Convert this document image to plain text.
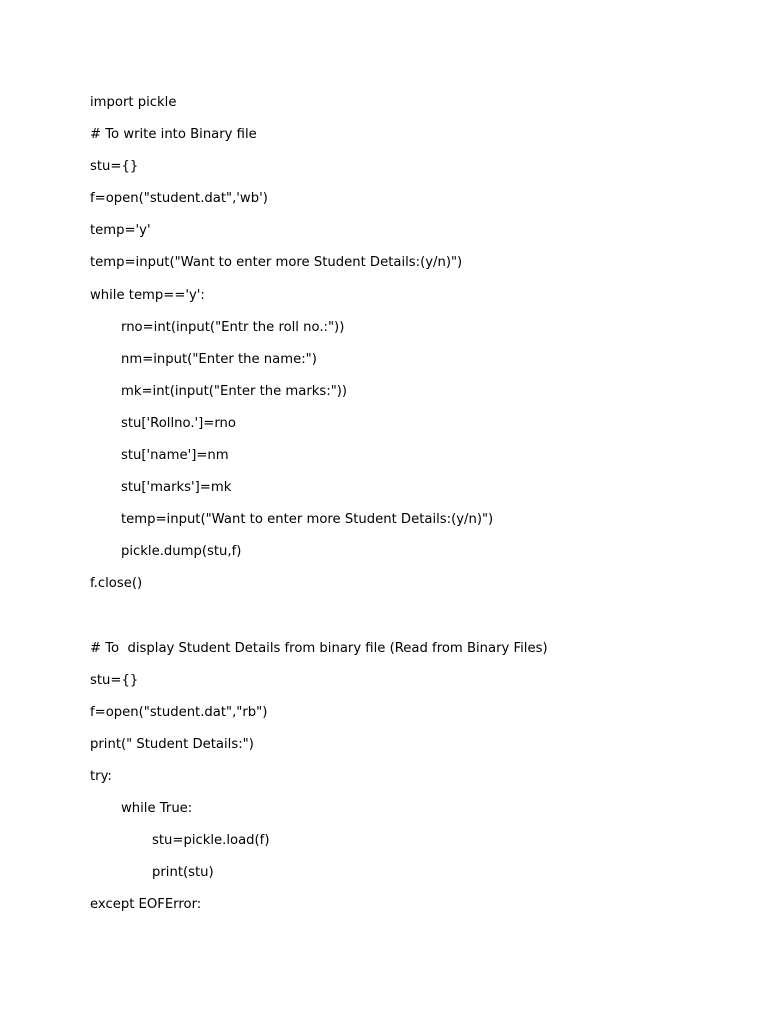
import pickle
# To write into Binary file
stu={}
f=open("student.dat",'wb')
temp='y'
temp=input("Want to enter more Student Details:(y/n)")
while temp=='y':
rno=int(input("Entr the roll no.:"))
nm=input("Enter the name:")
mk=int(input("Enter the marks:"))
stu['Rollno.']=rno
stu['name']=nm
stu['marks']=mk
temp=input("Want to enter more Student Details:(y/n)")
pickle.dump(stu,f)
f.close()
# To  display Student Details from binary file (Read from Binary Files)
stu={}
f=open("student.dat","rb")
print(" Student Details:")
try:
while True:
stu=pickle.load(f)
print(stu)
except EOFError:
